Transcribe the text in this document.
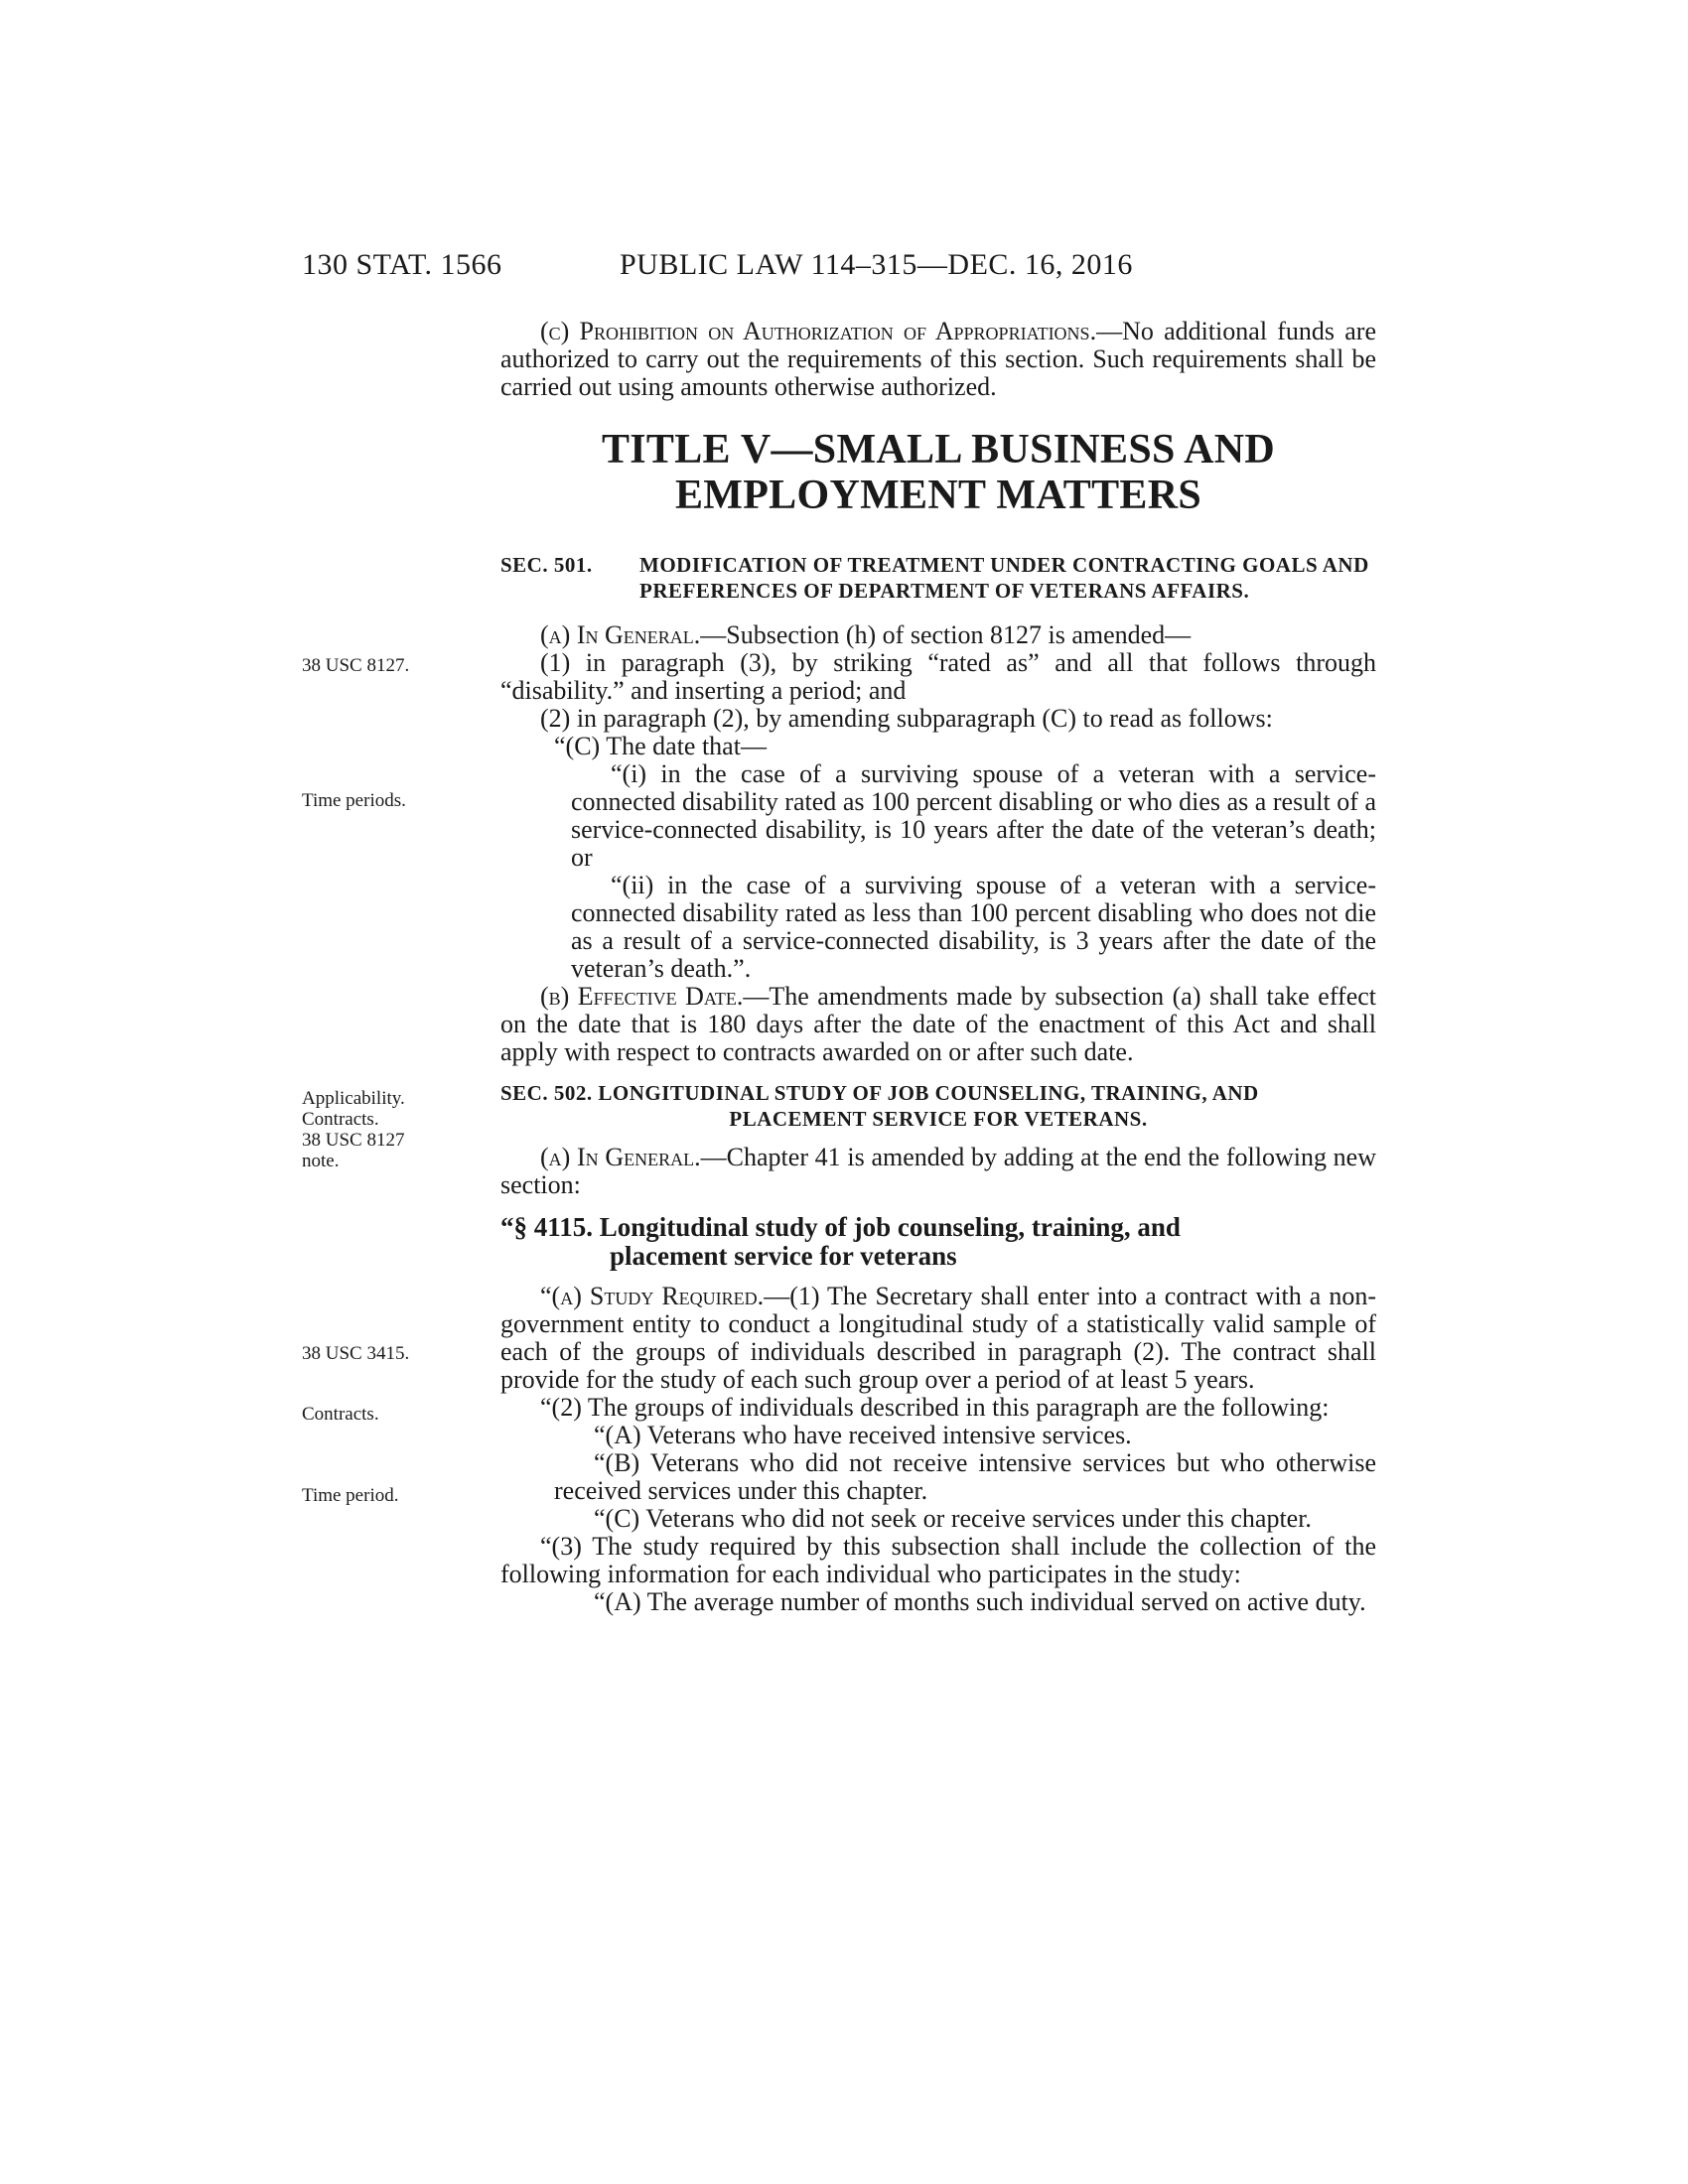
130 STAT. 1566	PUBLIC LAW 114–315—DEC. 16, 2016
38 USC 8127.
Time periods.
Applicability.
Contracts.
38 USC 8127
note.
38 USC 3415.
Contracts.
Time period.

(c) Prohibition on Authorization of Appropriations.—No additional funds are authorized to carry out the requirements of this section. Such requirements shall be carried out using amounts otherwise authorized.

TITLE V—SMALL BUSINESS AND
EMPLOYMENT MATTERS
SEC. 501. MODIFICATION OF TREATMENT UNDER CONTRACTING GOALS AND PREFERENCES OF DEPARTMENT OF VETERANS AFFAIRS.

(a) In General.—Subsection (h) of section 8127 is amended—

(1) in paragraph (3), by striking “rated as” and all that follows through “disability.” and inserting a period; and

(2) in paragraph (2), by amending subparagraph (C) to read as follows:

“(C) The date that—

“(i) in the case of a surviving spouse of a veteran with a service-connected disability rated as 100 percent disabling or who dies as a result of a service-connected disability, is 10 years after the date of the veteran’s death; or

“(ii) in the case of a surviving spouse of a veteran with a service-connected disability rated as less than 100 percent disabling who does not die as a result of a service-connected disability, is 3 years after the date of the veteran’s death.”.

(b) Effective Date.—The amendments made by subsection (a) shall take effect on the date that is 180 days after the date of the enactment of this Act and shall apply with respect to contracts awarded on or after such date.

SEC. 502. LONGITUDINAL STUDY OF JOB COUNSELING, TRAINING, AND
PLACEMENT SERVICE FOR VETERANS.

(a) In General.—Chapter 41 is amended by adding at the end the following new section:

“§ 4115. Longitudinal study of job counseling, training, and
placement service for veterans

“(a) Study Required.—(1) The Secretary shall enter into a contract with a non-government entity to conduct a longitudinal study of a statistically valid sample of each of the groups of individuals described in paragraph (2). The contract shall provide for the study of each such group over a period of at least 5 years.

“(2) The groups of individuals described in this paragraph are the following:

“(A) Veterans who have received intensive services.

“(B) Veterans who did not receive intensive services but who otherwise received services under this chapter.

“(C) Veterans who did not seek or receive services under this chapter.

“(3) The study required by this subsection shall include the collection of the following information for each individual who participates in the study:

“(A) The average number of months such individual served on active duty.
